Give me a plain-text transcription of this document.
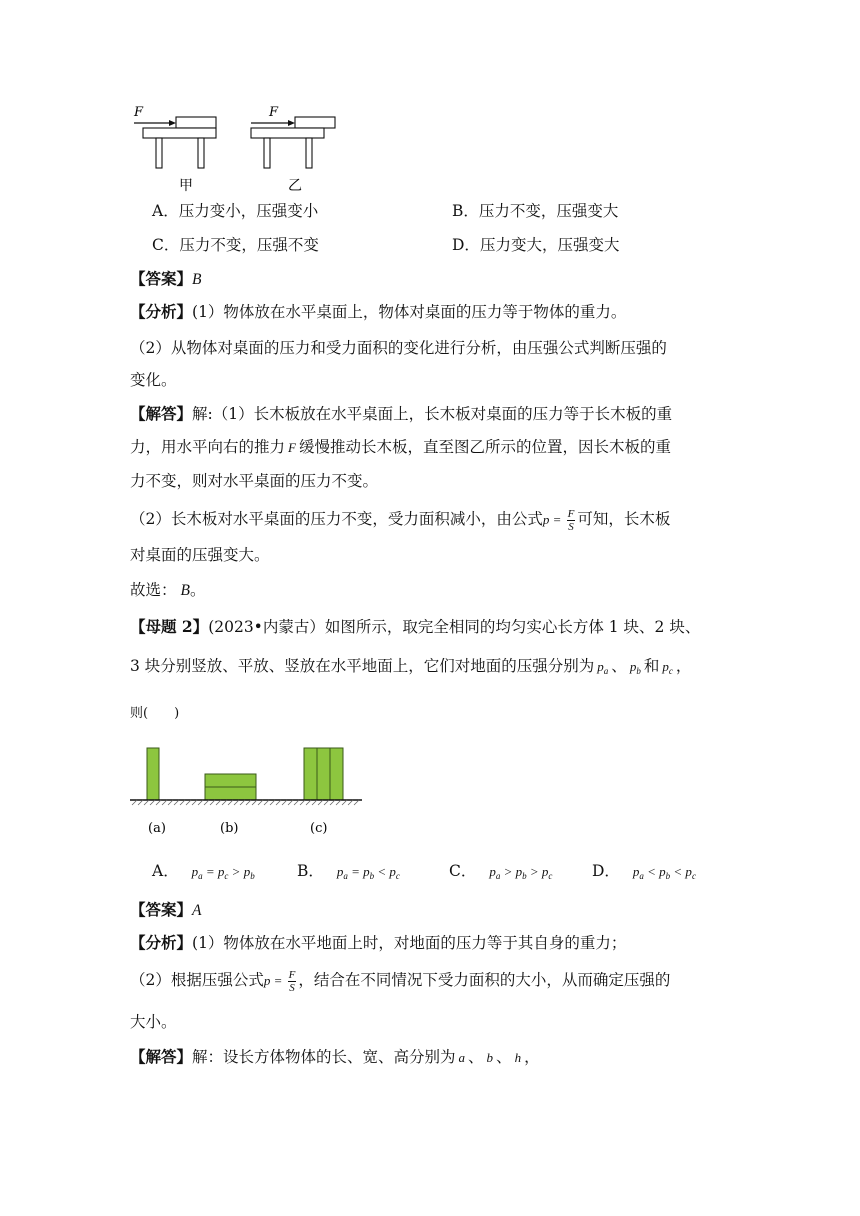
F
甲
F
乙
A．压力变小，压强变小	B．压力不变，压强变大
C．压力不变，压强不变	D．压力变大，压强变大
【答案】B
【分析】(1）物体放在水平桌面上，物体对桌面的压力等于物体的重力。
（2）从物体对桌面的压力和受力面积的变化进行分析，由压强公式判断压强的
变化。
【解答】解:（1）长木板放在水平桌面上，长木板对桌面的压力等于长木板的重
力，用水平向右的推力 F 缓慢推动长木板，直至图乙所示的位置，因长木板的重
力不变，则对水平桌面的压力不变。
（2）长木板对水平桌面的压力不变，受力面积减小，由公式$p = \frac{F}{S}$ 可知，长木板
对桌面的压强变大。
故选： B。
【母题 2】(2023•内蒙古）如图所示，取完全相同的均匀实心长方体 1 块、2 块、
3 块分别竖放、平放、竖放在水平地面上，它们对地面的压强分别为 $p_a$ 、 $p_b$ 和 $p_c$ ，
则(　　)
(a)	(b)	(c)
A． $p_a = p_c > p_b$	B． $p_a = p_b < p_c$	C． $p_a > p_b > p_c$	D． $p_a < p_b < p_c$
【答案】A
【分析】(1）物体放在水平地面上时，对地面的压力等于其自身的重力；
（2）根据压强公式$p = \frac{F}{S}$ ，结合在不同情况下受力面积的大小，从而确定压强的
大小。
【解答】解：设长方体物体的长、宽、高分别为 a 、 b 、 h ，
